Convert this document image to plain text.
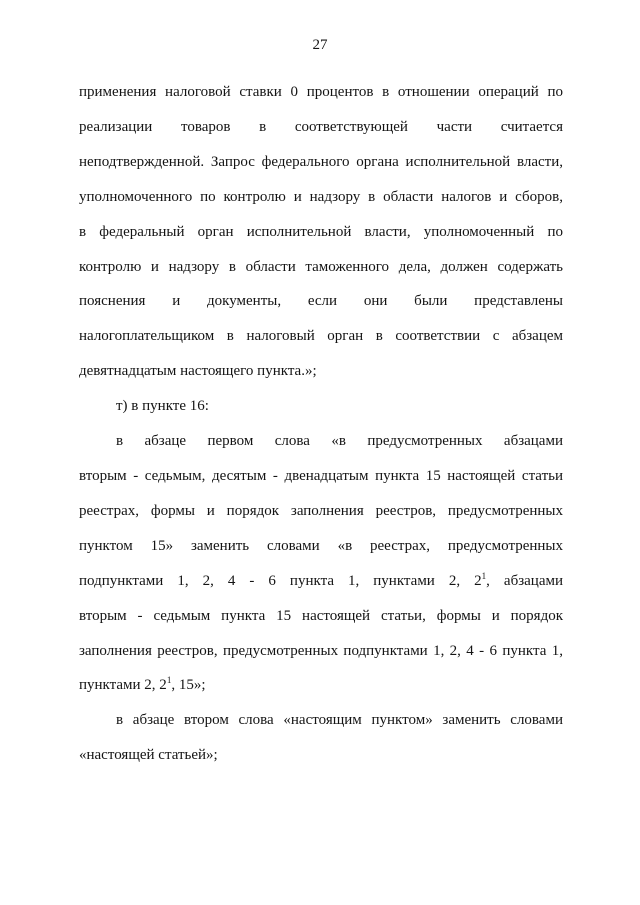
27

применения налоговой ставки 0 процентов в отношении операций по
реализации товаров в соответствующей части считается
неподтвержденной. Запрос федерального органа исполнительной власти,
уполномоченного по контролю и надзору в области налогов и сборов,
в федеральный орган исполнительной власти, уполномоченный по
контролю и надзору в области таможенного дела, должен содержать
пояснения и документы, если они были представлены
налогоплательщиком в налоговый орган в соответствии с абзацем
девятнадцатым настоящего пункта.»;

т) в пункте 16:

в абзаце первом слова «в предусмотренных абзацами
вторым - седьмым, десятым - двенадцатым пункта 15 настоящей статьи
реестрах, формы и порядок заполнения реестров, предусмотренных
пунктом 15» заменить словами «в реестрах, предусмотренных
подпунктами 1, 2, 4 - 6 пункта 1, пунктами 2, $2^1$, абзацами
вторым - седьмым пункта 15 настоящей статьи, формы и порядок
заполнения реестров, предусмотренных подпунктами 1, 2, 4 - 6 пункта 1,
пунктами 2, $2^1$, 15»;

в абзаце втором слова «настоящим пунктом» заменить словами
«настоящей статьей»;
